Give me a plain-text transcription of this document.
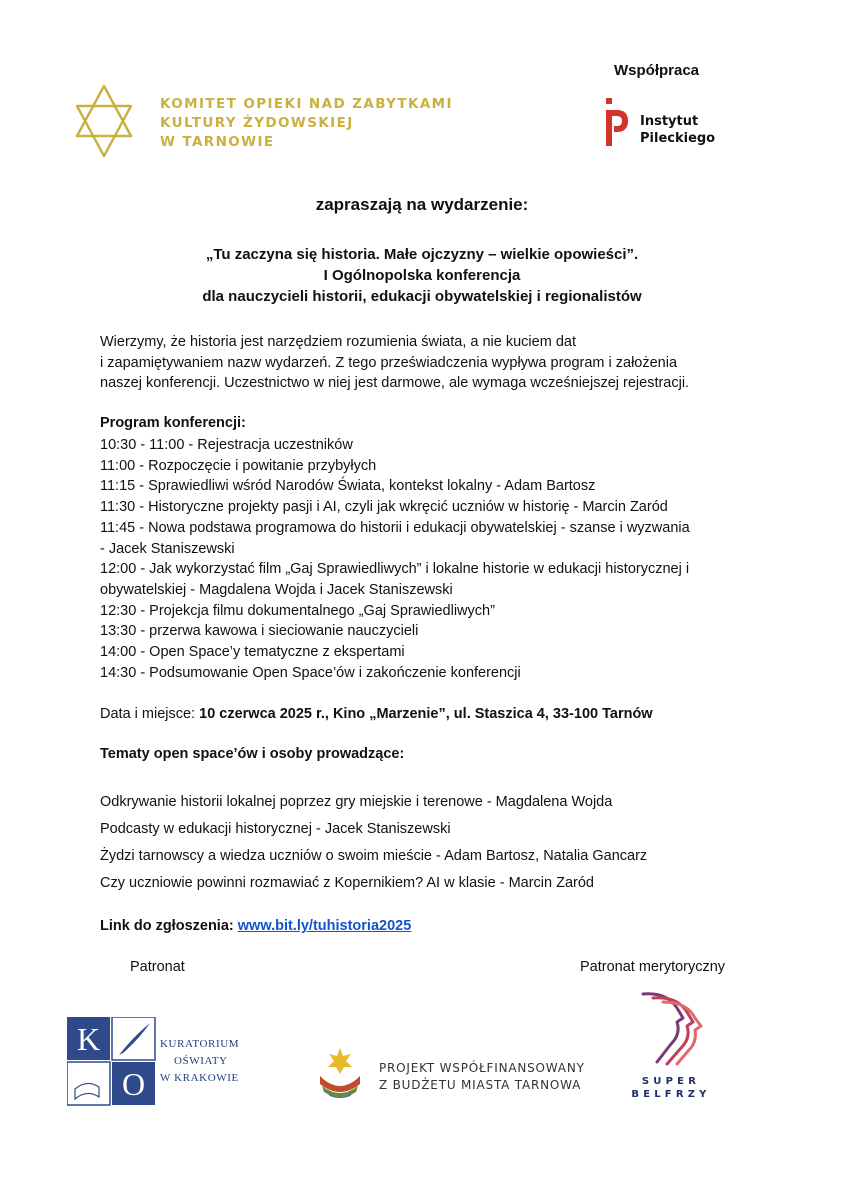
KOMITET OPIEKI NAD ZABYTKAMI
KULTURY ŻYDOWSKIEJ
W TARNOWIE
Współpraca
Instytut
Pileckiego
zapraszają na wydarzenie:
„Tu zaczyna się historia. Małe ojczyzny – wielkie opowieści”.
I Ogólnopolska konferencja
dla nauczycieli historii, edukacji obywatelskiej i regionalistów
Wierzymy, że historia jest narzędziem rozumienia świata, a nie kuciem dat
i zapamiętywaniem nazw wydarzeń. Z tego przeświadczenia wypływa program i założenia
naszej konferencji. Uczestnictwo w niej jest darmowe, ale wymaga wcześniejszej rejestracji.
Program konferencji:
10:30 - 11:00 - Rejestracja uczestników
11:00 - Rozpoczęcie i powitanie przybyłych
11:15 - Sprawiedliwi wśród Narodów Świata, kontekst lokalny - Adam Bartosz
11:30 - Historyczne projekty pasji i AI, czyli jak wkręcić uczniów w historię - Marcin Zaród
11:45 - Nowa podstawa programowa do historii i edukacji obywatelskiej - szanse i wyzwania
- Jacek Staniszewski
12:00 - Jak wykorzystać film „Gaj Sprawiedliwych” i lokalne historie w edukacji historycznej i
obywatelskiej - Magdalena Wojda i Jacek Staniszewski
12:30 - Projekcja filmu dokumentalnego „Gaj Sprawiedliwych”
13:30 - przerwa kawowa i sieciowanie nauczycieli
14:00 - Open Space’y tematyczne z ekspertami
14:30 - Podsumowanie Open Space’ów i zakończenie konferencji
Data i miejsce: 10 czerwca 2025 r., Kino „Marzenie”, ul. Staszica 4, 33-100 Tarnów
Tematy open space’ów i osoby prowadzące:
Odkrywanie historii lokalnej poprzez gry miejskie i terenowe - Magdalena Wojda
Podcasty w edukacji historycznej - Jacek Staniszewski
Żydzi tarnowscy a wiedza uczniów o swoim mieście - Adam Bartosz, Natalia Gancarz
Czy uczniowie powinni rozmawiać z Kopernikiem? AI w klasie - Marcin Zaród
Link do zgłoszenia: www.bit.ly/tuhistoria2025
Patronat	Patronat merytoryczny
K
O
KURATORIUM
OŚWIATY
W KRAKOWIE
PROJEKT WSPÓŁFINANSOWANY
Z BUDŻETU MIASTA TARNOWA	SUPER
BELFRZY
